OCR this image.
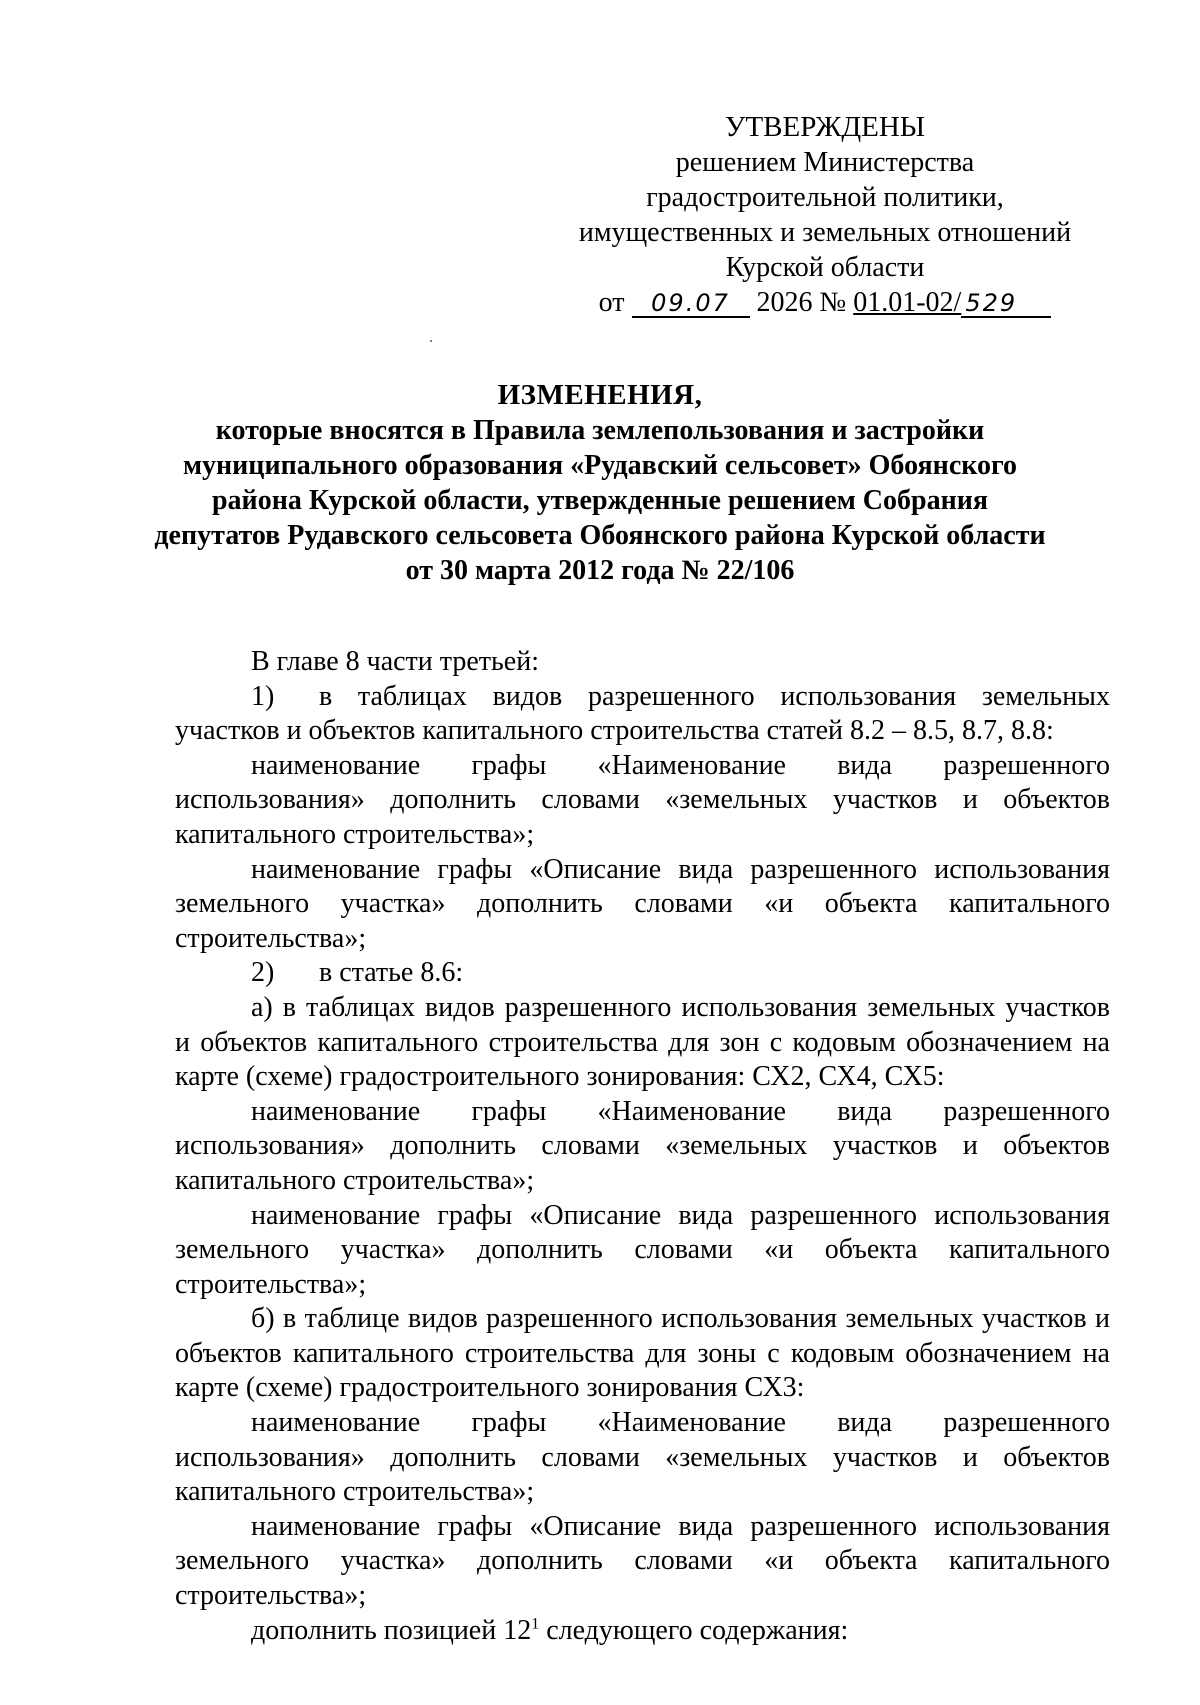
УТВЕРЖДЕНЫ
решением Министерства
градостроительной политики,
имущественных и земельных отношений
Курской области
от 09.07 2026 № 01.01-02/ 529
ИЗМЕНЕНИЯ,
которые вносятся в Правила землепользования и застройки
муниципального образования «Рудавский сельсовет» Обоянского
района Курской области, утвержденные решением Собрания
депутатов Рудавского сельсовета Обоянского района Курской области
от 30 марта 2012 года № 22/106

В главе 8 части третьей:

1) в таблицах видов разрешенного использования земельных участков и объектов капитального строительства статей 8.2 – 8.5, 8.7, 8.8:

наименование графы «Наименование вида разрешенного использования» дополнить словами «земельных участков и объектов капитального строительства»;

наименование графы «Описание вида разрешенного использования земельного участка» дополнить словами «и объекта капитального строительства»;

2) в статье 8.6:

а) в таблицах видов разрешенного использования земельных участков и объектов капитального строительства для зон с кодовым обозначением на карте (схеме) градостроительного зонирования: СХ2, СХ4, СХ5:

наименование графы «Наименование вида разрешенного использования» дополнить словами «земельных участков и объектов капитального строительства»;

наименование графы «Описание вида разрешенного использования земельного участка» дополнить словами «и объекта капитального строительства»;

б) в таблице видов разрешенного использования земельных участков и объектов капитального строительства для зоны с кодовым обозначением на карте (схеме) градостроительного зонирования СХ3:

наименование графы «Наименование вида разрешенного использования» дополнить словами «земельных участков и объектов капитального строительства»;

наименование графы «Описание вида разрешенного использования земельного участка» дополнить словами «и объекта капитального строительства»;

дополнить позицией $12^1$ следующего содержания:
